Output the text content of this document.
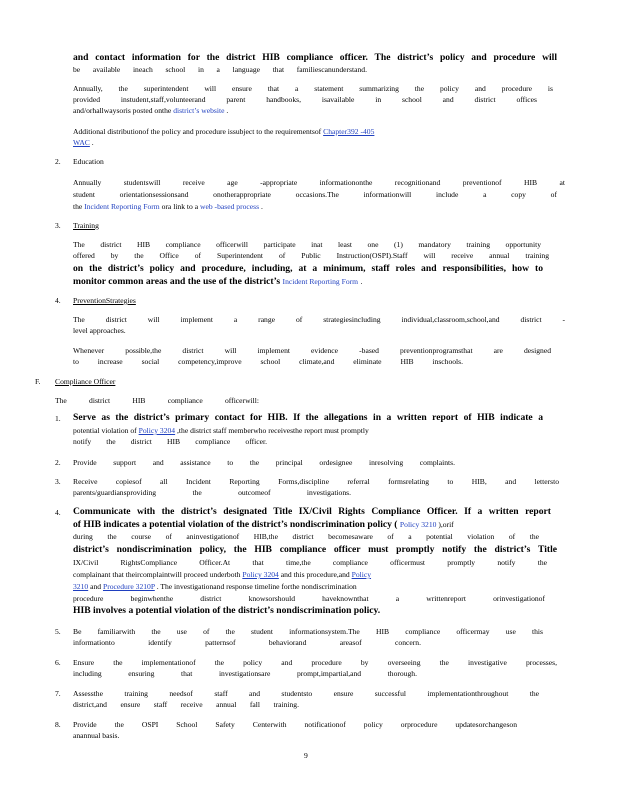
and contact information for the district HIB compliance officer. The district’s policy and procedure will
be available ineach school in a language that familiescanunderstand.
Annually, the superintendent will ensure that a statement summarizing the policy and procedure is
provided instudent,staff,volunteerand parent handbooks, isavailable in school and district offices
and/orhallwaysoris posted onthe district’s website .
Additional distributionof the policy and procedure issubject to the requirementsof Chapter392 -405
WAC .
2. Education
Annually studentswill receive age -appropriate informationonthe recognitionand preventionof HIB at
student orientationsessionsand onotherappropriate occasions.The informationwill include a copy of
the Incident Reporting Form ora link to a web -based process .
3. Training
The district HIB compliance officerwill participate inat least one (1) mandatory training opportunity
offered by the Office of Superintendent of Public Instruction(OSPI).Staff will receive annual training
on the district’s policy and procedure, including, at a minimum, staff roles and responsibilities, how to
monitor common areas and the use of the district’s Incident Reporting Form .
4. PreventionStrategies
The district will implement a range of strategiesincluding individual,classroom,school,and district -
level approaches.
Whenever possible,the district will implement evidence -based preventionprogramsthat are designed
to increase social competency,improve school climate,and eliminate HIB inschools.
F. Compliance Officer
The district HIB compliance officerwill:
1. Serve as the district’s primary contact for HIB. If the allegations in a written report of HIB indicate a
potential violation of Policy 3204 ,the district staff memberwho receivesthe report must promptly
notify the district HIB compliance officer.
2. Provide support and assistance to the principal ordesignee inresolving complaints.
3. Receive copiesof all Incident Reporting Forms,discipline referral formsrelating to HIB, and lettersto
parents/guardiansproviding the outcomeof investigations.
4. Communicate with the district’s designated Title IX/Civil Rights Compliance Officer. If a written report
of HIB indicates a potential violation of the district’s nondiscrimination policy ( Policy 3210 ),orif
during the course of aninvestigationof HIB,the district becomesaware of a potential violation of the
district’s nondiscrimination policy, the HIB compliance officer must promptly notify the district’s Title
IX/Civil RightsCompliance Officer.At that time,the compliance officermust promptly notify the
complainant that theircomplaintwill proceed underboth Policy 3204 and this procedure,and Policy
3210 and Procedure 3210P . The investigationand response timeline forthe nondiscrimination
procedure beginwhenthe district knowsorshould haveknownthat a writtenreport orinvestigationof
HIB involves a potential violation of the district’s nondiscrimination policy.
5. Be familiarwith the use of the student informationsystem.The HIB compliance officermay use this
informationto identify patternsof behaviorand areasof concern.
6. Ensure the implementationof the policy and procedure by overseeing the investigative processes,
including ensuring that investigationsare prompt,impartial,and thorough.
7. Assessthe training needsof staff and studentsto ensure successful implementationthroughout the
district,and ensure staff receive annual fall training.
8. Provide the OSPI School Safety Centerwith notificationof policy orprocedure updatesorchangeson
anannual basis.
9
